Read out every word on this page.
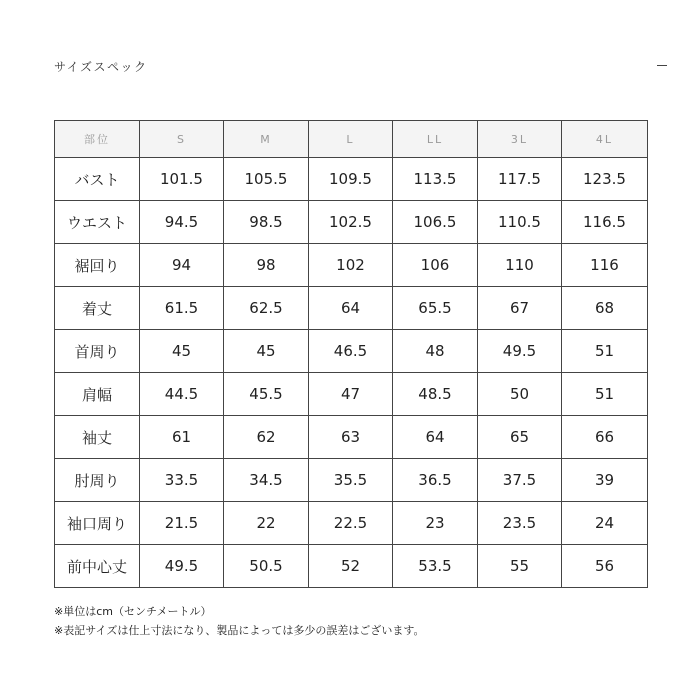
サイズスペック
部位	S	M	L	LL	3L	4L
バスト	101.5	105.5	109.5	113.5	117.5	123.5
ウエスト	94.5	98.5	102.5	106.5	110.5	116.5
裾回り	94	98	102	106	110	116
着丈	61.5	62.5	64	65.5	67	68
首周り	45	45	46.5	48	49.5	51
肩幅	44.5	45.5	47	48.5	50	51
袖丈	61	62	63	64	65	66
肘周り	33.5	34.5	35.5	36.5	37.5	39
袖口周り	21.5	22	22.5	23	23.5	24
前中心丈	49.5	50.5	52	53.5	55	56
※単位はcm（センチメートル）
※表記サイズは仕上寸法になり、製品によっては多少の誤差はございます。
